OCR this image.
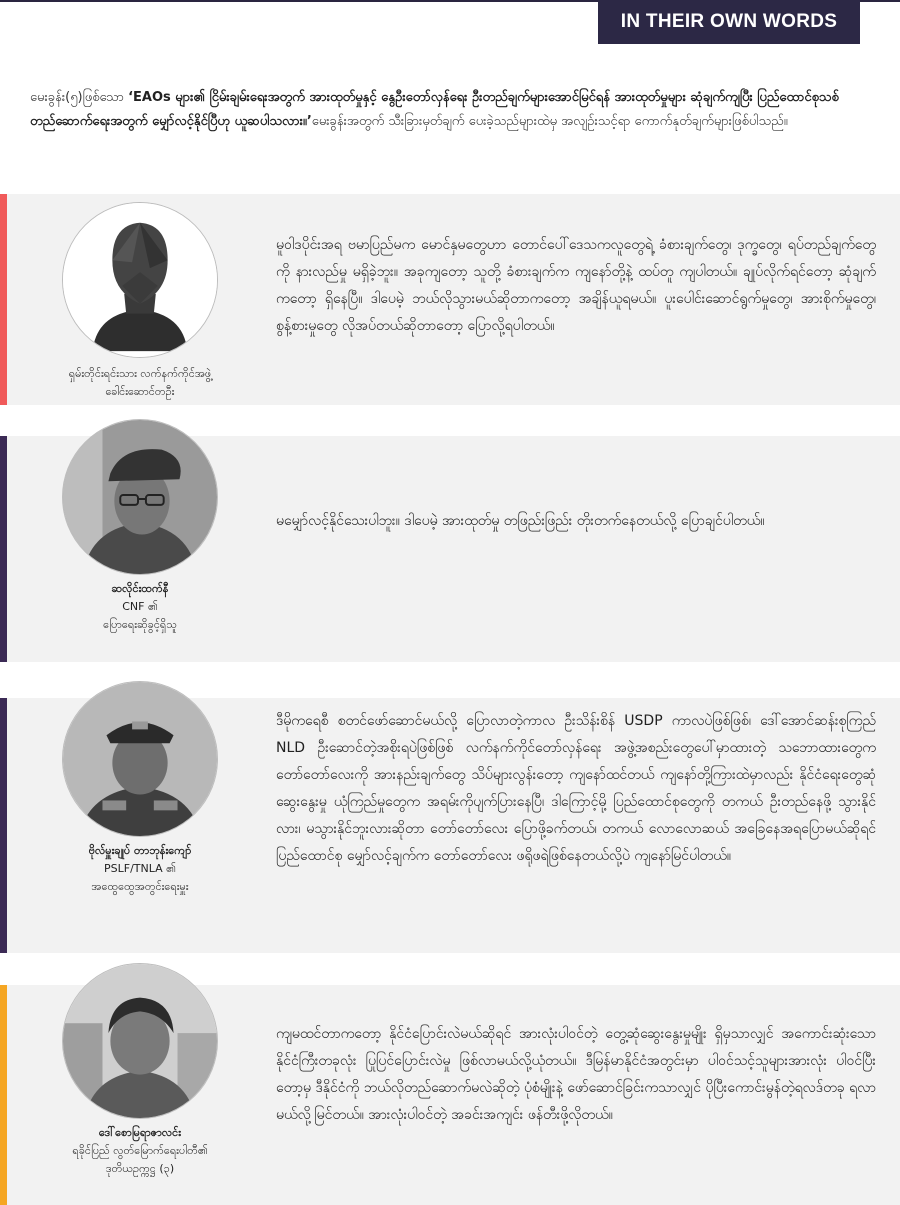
IN THEIR OWN WORDS

မေးခွန်း(၅)ဖြစ်သော ‘EAOs များ၏ ငြိမ်းချမ်းရေးအတွက် အားထုတ်မှုနှင့် နွေဦးတော်လှန်ရေး ဦးတည်ချက်များအောင်မြင်ရန် အားထုတ်မှုများ ဆုံချက်ကျပြီး ပြည်ထောင်စုသစ် တည်ဆောက်ရေးအတွက် မျှော်လင့်နိုင်ပြီဟု ယူဆပါသလား။’မေးခွန်းအတွက် သီးခြားမှတ်ချက် ပေးခဲ့သည်များထဲမှ အလျဉ်းသင့်ရာ ကောက်နုတ်ချက်များဖြစ်ပါသည်။

ရှမ်းတိုင်းရင်းသား လက်နက်ကိုင်အဖွဲ့
ခေါင်းဆောင်တဦး

မူဝါဒပိုင်းအရ ဗမာပြည်မက မောင်နှမတွေဟာ တောင်ပေါ်ဒေသကလူတွေရဲ့ ခံစားချက်တွေ၊ ဒုက္ခတွေ၊ ရပ်တည်ချက်တွေကို နားလည်မှု မရှိခဲ့ဘူး။ အခုကျတော့ သူတို့ ခံစားချက်က ကျနော်တို့နဲ့ ထပ်တူ ကျပါတယ်။ ချုပ်လိုက်ရင်တော့ ဆုံချက်ကတော့ ရှိနေပြီ။ ဒါပေမဲ့ ဘယ်လိုသွားမယ်ဆိုတာကတော့ အချိန်ယူရမယ်။ ပူးပေါင်းဆောင်ရွက်မှုတွေ၊ အားစိုက်မှုတွေ၊ စွန့်စားမှုတွေ လိုအပ်တယ်ဆိုတာတော့ ပြောလို့ရပါတယ်။

ဆလိုင်းထက်နီ
CNF ၏
ပြောရေးဆိုခွင့်ရှိသူ

မမျှော်လင့်နိုင်သေးပါဘူး။ ဒါပေမဲ့ အားထုတ်မှု တဖြည်းဖြည်း တိုးတက်နေတယ်လို့ ပြောချင်ပါတယ်။

ဗိုလ်မှူးချုပ် တာဘုန်းကျော်
PSLF/TNLA ၏
အထွေထွေအတွင်းရေးမှူး

ဒီမိုကရေစီ စတင်ဖော်ဆောင်မယ်လို့ ပြောလာတဲ့ကာလ ဦးသိန်းစိန် USDP ကာလပဲဖြစ်ဖြစ်၊ ဒေါ်အောင်ဆန်းစုကြည် NLD ဦးဆောင်တဲ့အစိုးရပဲဖြစ်ဖြစ် လက်နက်ကိုင်တော်လှန်ရေး အဖွဲ့အစည်းတွေပေါ်မှာထားတဲ့ သဘောထားတွေက တော်တော်လေးကို အားနည်းချက်တွေ သိပ်များလွန်းတော့ ကျနော်ထင်တယ် ကျနော်တို့ကြားထဲမှာလည်း နိုင်ငံရေးတွေဆုံဆွေးနွေးမှု ယုံကြည်မှုတွေက အရမ်းကိုပျက်ပြားနေပြီ၊ ဒါကြောင့်မို့ ပြည်ထောင်စုတွေကို တကယ် ဦးတည်နေဖို့ သွားနိုင်လား၊ မသွားနိုင်ဘူးလားဆိုတာ တော်တော်လေး ပြောဖို့ခက်တယ်၊ တကယ် လောလောဆယ် အခြေနေအရပြောမယ်ဆိုရင် ပြည်ထောင်စု မျှော်လင့်ချက်က တော်တော်လေး ဖရိုဖရဲဖြစ်နေတယ်လို့ပဲ ကျနော်မြင်ပါတယ်။

ဒေါ်စောမြရာဇာလင်း
ရခိုင်ပြည် လွတ်မြောက်ရေးပါတီ၏
ဒုတိယဥက္ကဋ္ဌ (၃)

ကျမထင်တာကတော့ နိုင်ငံပြောင်းလဲမယ်ဆိုရင် အားလုံးပါဝင်တဲ့ တွေ့ဆုံဆွေးနွေးမှုမျိုး ရှိမှသာလျှင် အကောင်းဆုံးသော နိုင်ငံကြီးတခုလုံး ပြုပြင်ပြောင်းလဲမှု ဖြစ်လာမယ်လို့ယုံတယ်။ ဒီမြန်မာနိုင်ငံအတွင်းမှာ ပါဝင်သင့်သူများအားလုံး ပါဝင်ပြီးတော့မှ ဒီနိုင်ငံကို ဘယ်လိုတည်ဆောက်မလဲဆိုတဲ့ ပုံစံမျိုးနဲ့ ဖော်ဆောင်ခြင်းကသာလျှင် ပိုပြီးကောင်းမွန်တဲ့ရလဒ်တခု ရလာမယ်လို့မြင်တယ်။ အားလုံးပါဝင်တဲ့ အခင်းအကျင်း ဖန်တီးဖို့လိုတယ်။
